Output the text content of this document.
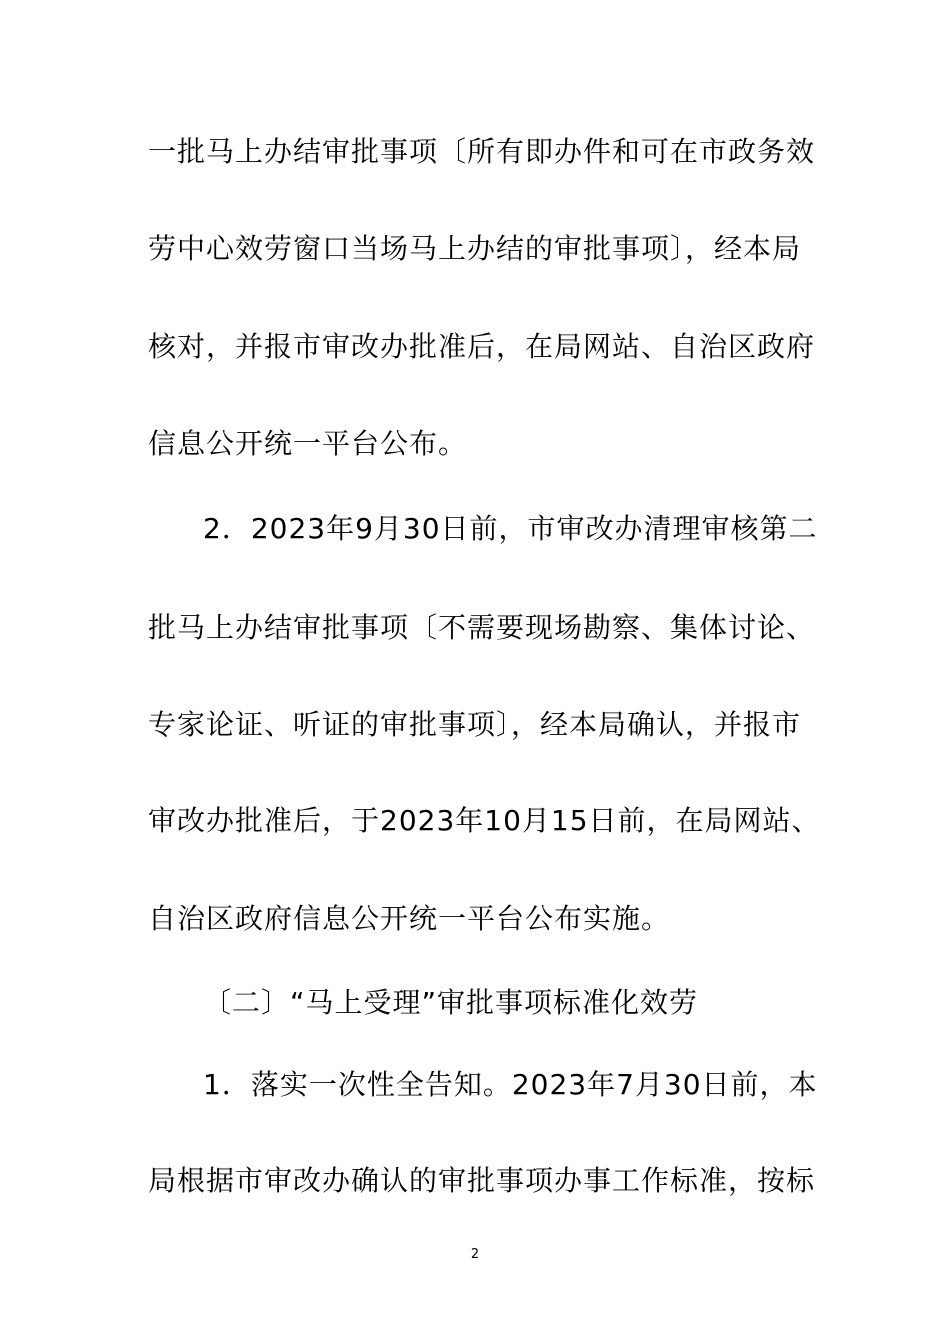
一批马上办结审批事项〔所有即办件和可在市政务效
劳中心效劳窗口当场马上办结的审批事项〕，经本局
核对，并报市审改办批准后，在局网站、自治区政府
信息公开统一平台公布。
2．2023年9月30日前，市审改办清理审核第二
批马上办结审批事项〔不需要现场勘察、集体讨论、
专家论证、听证的审批事项〕，经本局确认，并报市
审改办批准后，于2023年10月15日前，在局网站、
自治区政府信息公开统一平台公布实施。
〔二〕“马上受理”审批事项标准化效劳
1．落实一次性全告知。2023年7月30日前，本
局根据市审改办确认的审批事项办事工作标准，按标
2
